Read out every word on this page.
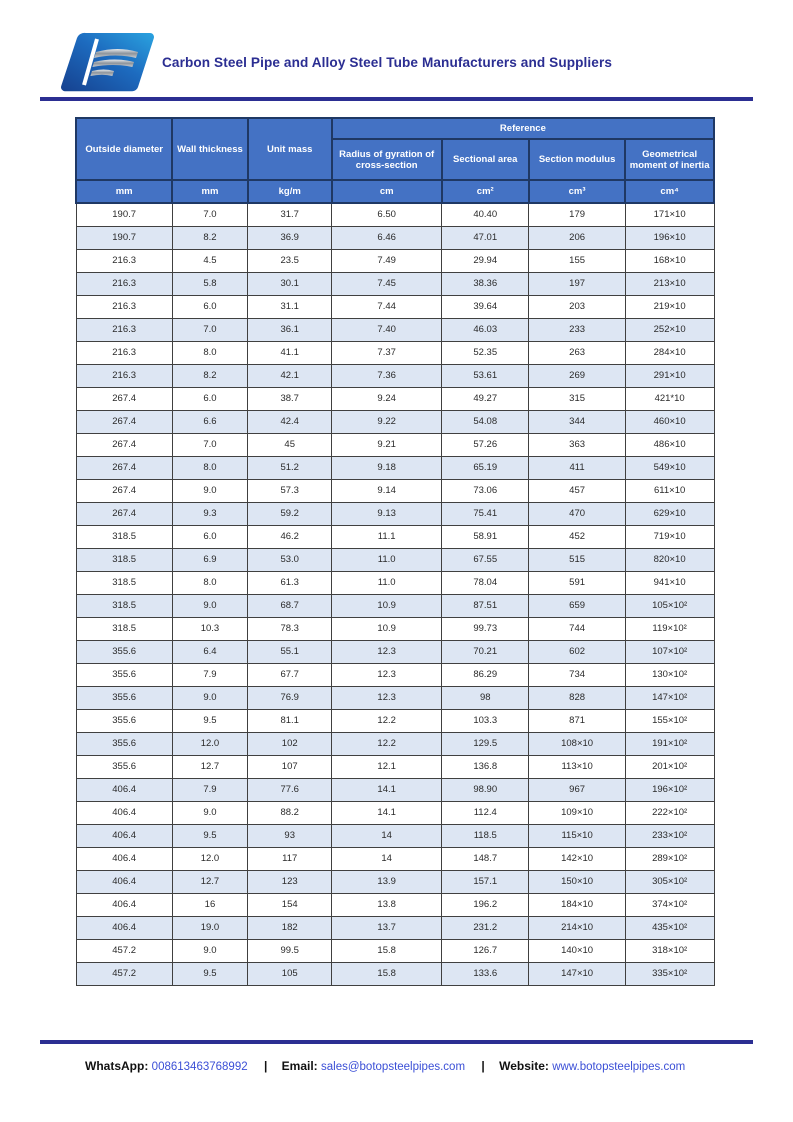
Carbon Steel Pipe and Alloy Steel Tube Manufacturers and Suppliers
Outside diameter	Wall thickness	Unit mass	Reference			
			Radius of gyration of cross-section	Sectional area	Section modulus	Geometrical moment of inertia
mm	mm	kg/m	cm	cm²	cm³	cm⁴
190.7	7.0	31.7	6.50	40.40	179	171×10
190.7	8.2	36.9	6.46	47.01	206	196×10
216.3	4.5	23.5	7.49	29.94	155	168×10
216.3	5.8	30.1	7.45	38.36	197	213×10
216.3	6.0	31.1	7.44	39.64	203	219×10
216.3	7.0	36.1	7.40	46.03	233	252×10
216.3	8.0	41.1	7.37	52.35	263	284×10
216.3	8.2	42.1	7.36	53.61	269	291×10
267.4	6.0	38.7	9.24	49.27	315	421*10
267.4	6.6	42.4	9.22	54.08	344	460×10
267.4	7.0	45	9.21	57.26	363	486×10
267.4	8.0	51.2	9.18	65.19	411	549×10
267.4	9.0	57.3	9.14	73.06	457	611×10
267.4	9.3	59.2	9.13	75.41	470	629×10
318.5	6.0	46.2	11.1	58.91	452	719×10
318.5	6.9	53.0	11.0	67.55	515	820×10
318.5	8.0	61.3	11.0	78.04	591	941×10
318.5	9.0	68.7	10.9	87.51	659	105×10²
318.5	10.3	78.3	10.9	99.73	744	119×10²
355.6	6.4	55.1	12.3	70.21	602	107×10²
355.6	7.9	67.7	12.3	86.29	734	130×10²
355.6	9.0	76.9	12.3	98	828	147×10²
355.6	9.5	81.1	12.2	103.3	871	155×10²
355.6	12.0	102	12.2	129.5	108×10	191×10²
355.6	12.7	107	12.1	136.8	113×10	201×10²
406.4	7.9	77.6	14.1	98.90	967	196×10²
406.4	9.0	88.2	14.1	112.4	109×10	222×10²
406.4	9.5	93	14	118.5	115×10	233×10²
406.4	12.0	117	14	148.7	142×10	289×10²
406.4	12.7	123	13.9	157.1	150×10	305×10²
406.4	16	154	13.8	196.2	184×10	374×10²
406.4	19.0	182	13.7	231.2	214×10	435×10²
457.2	9.0	99.5	15.8	126.7	140×10	318×10²
457.2	9.5	105	15.8	133.6	147×10	335×10²
WhatsApp: 008613463768992 | Email: sales@botopsteelpipes.com | Website: www.botopsteelpipes.com
